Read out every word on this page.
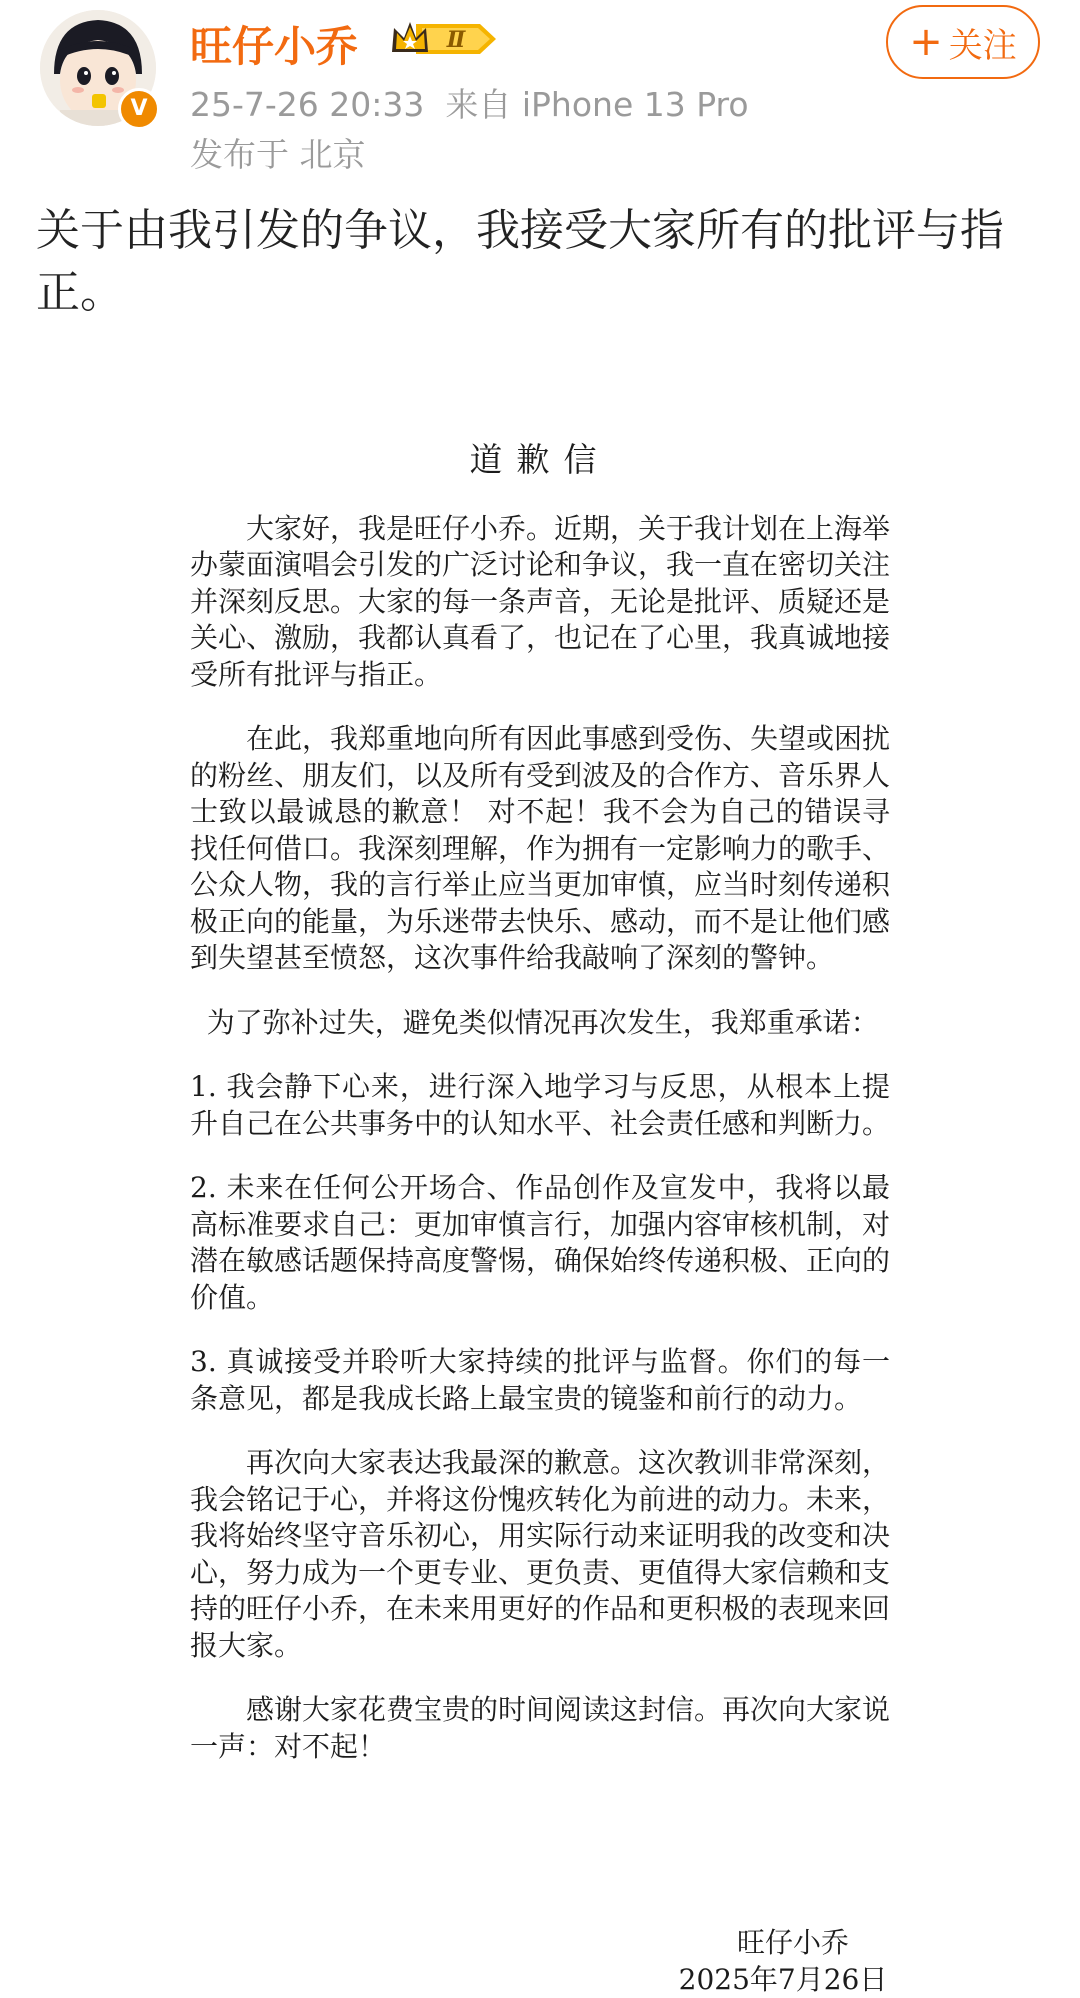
V
旺仔小乔	Ⅱ
25-7-26 20:33 来自 iPhone 13 Pro
发布于 北京
+ 关注
关于由我引发的争议，我接受大家所有的批评与指正。
道歉信

大家好，我是旺仔小乔。近期，关于我计划在上海举办蒙面演唱会引发的广泛讨论和争议，我一直在密切关注并深刻反思。大家的每一条声音，无论是批评、质疑还是关心、激励，我都认真看了，也记在了心里，我真诚地接受所有批评与指正。

在此，我郑重地向所有因此事感到受伤、失望或困扰的粉丝、朋友们，以及所有受到波及的合作方、音乐界人士致以最诚恳的歉意！ 对不起！我不会为自己的错误寻找任何借口。我深刻理解，作为拥有一定影响力的歌手、公众人物，我的言行举止应当更加审慎，应当时刻传递积极正向的能量，为乐迷带去快乐、感动，而不是让他们感到失望甚至愤怒，这次事件给我敲响了深刻的警钟。

为了弥补过失，避免类似情况再次发生，我郑重承诺：

1. 我会静下心来，进行深入地学习与反思，从根本上提升自己在公共事务中的认知水平、社会责任感和判断力。

2. 未来在任何公开场合、作品创作及宣发中，我将以最高标准要求自己：更加审慎言行，加强内容审核机制，对潜在敏感话题保持高度警惕，确保始终传递积极、正向的价值。

3. 真诚接受并聆听大家持续的批评与监督。你们的每一条意见，都是我成长路上最宝贵的镜鉴和前行的动力。

再次向大家表达我最深的歉意。这次教训非常深刻，我会铭记于心，并将这份愧疚转化为前进的动力。未来，我将始终坚守音乐初心，用实际行动来证明我的改变和决心，努力成为一个更专业、更负责、更值得大家信赖和支持的旺仔小乔，在未来用更好的作品和更积极的表现来回报大家。

感谢大家花费宝贵的时间阅读这封信。再次向大家说一声：对不起！

旺仔小乔
2025年7月26日
